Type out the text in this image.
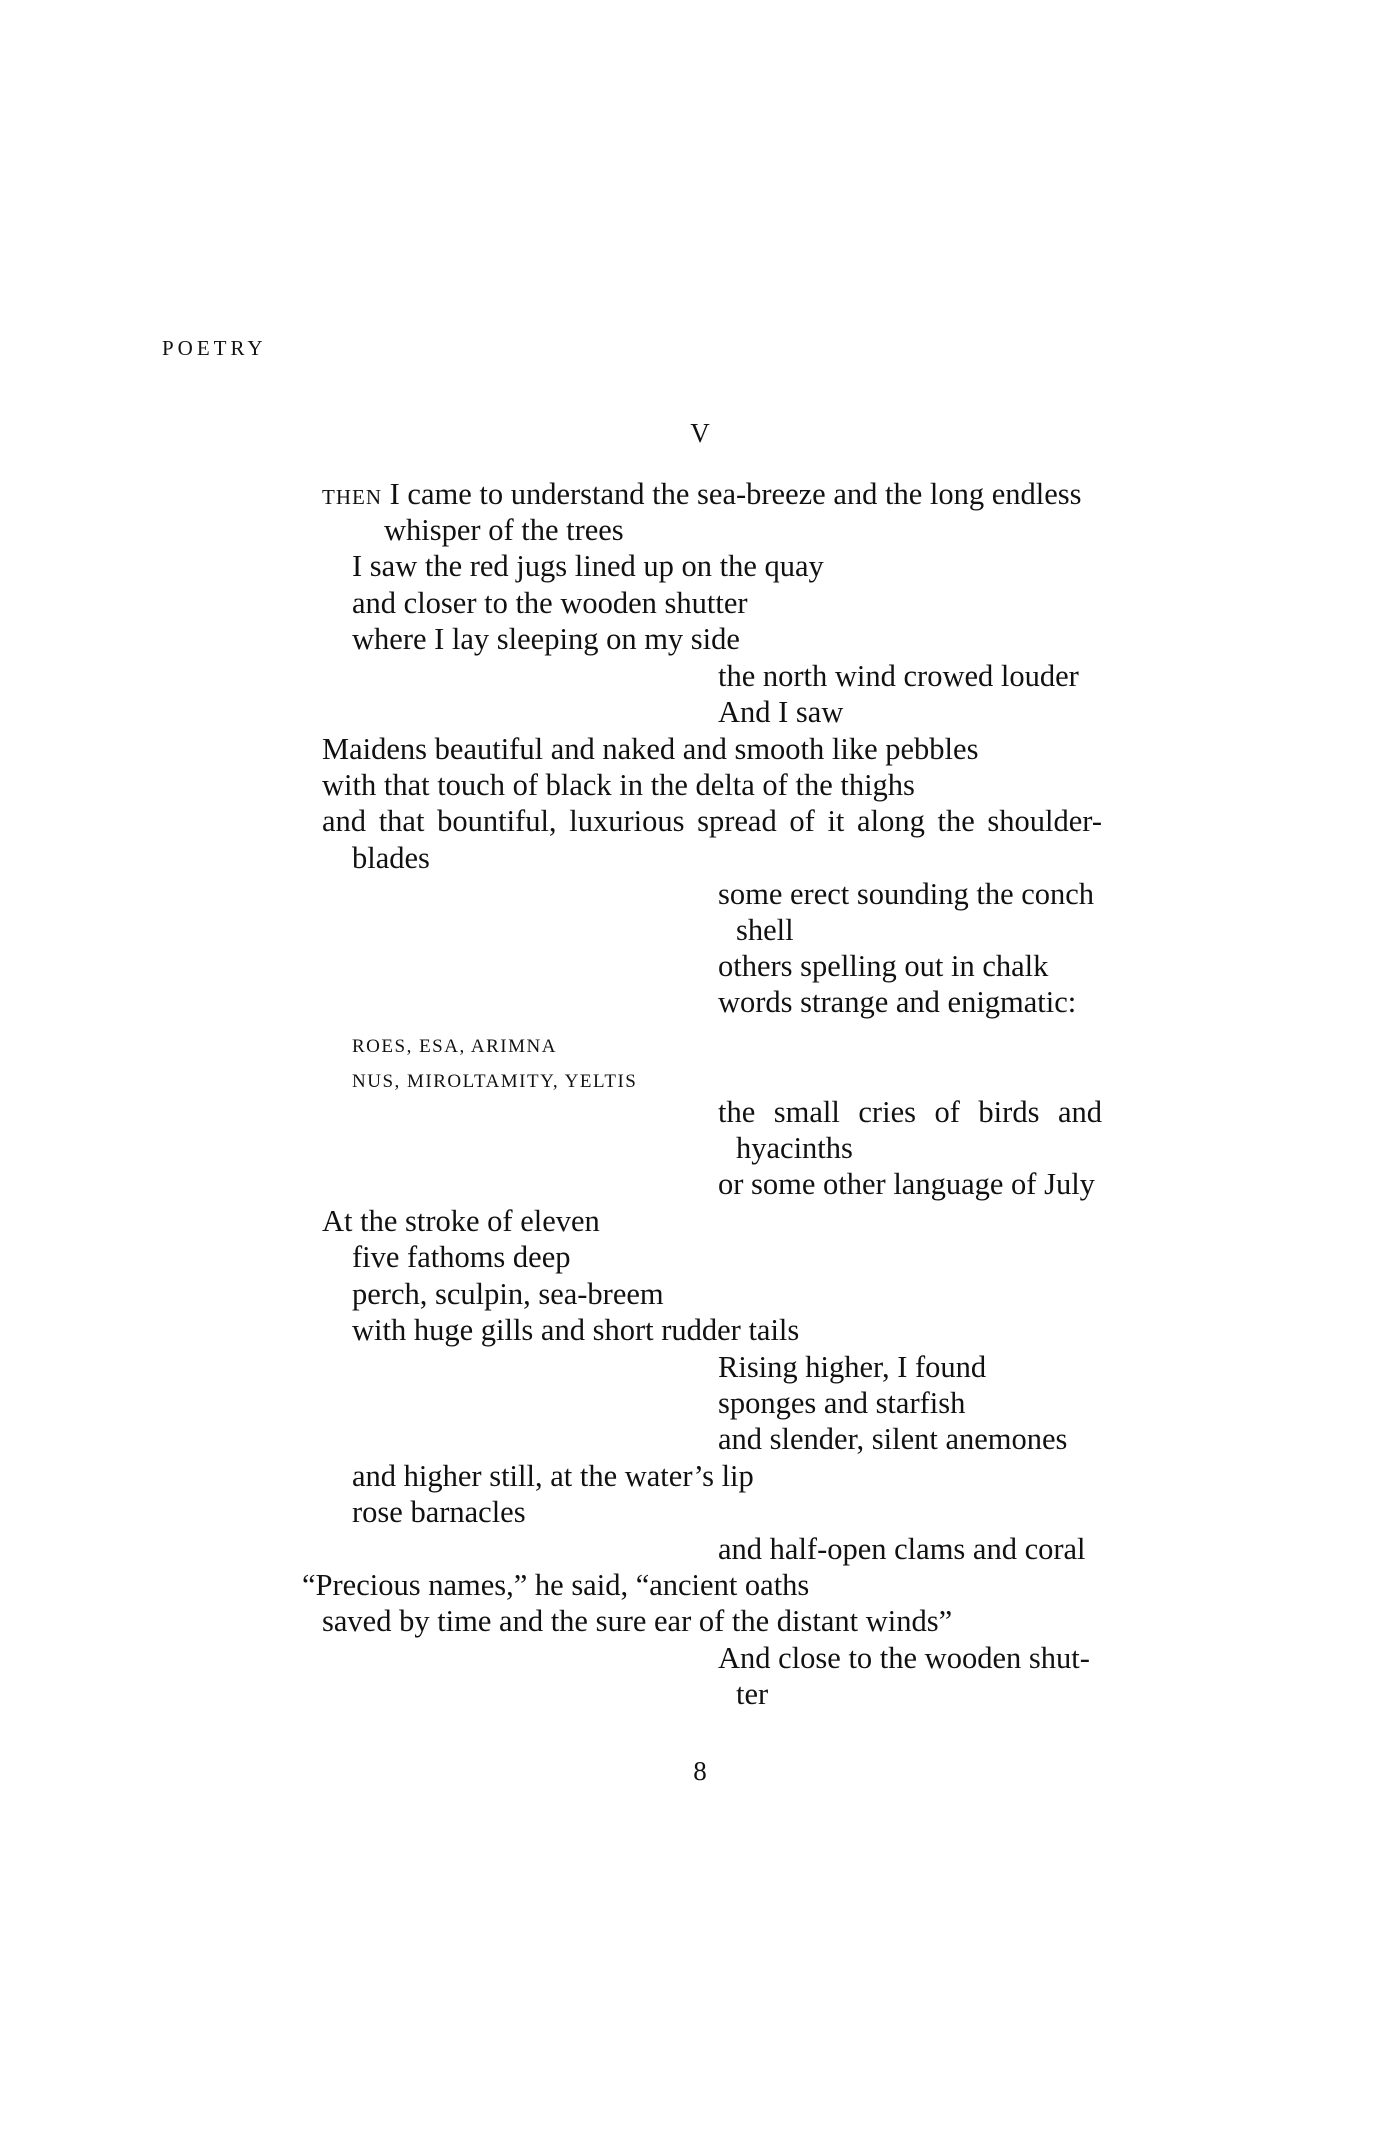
POETRY
V
then I came to understand the sea-breeze and the long endless
whisper of the trees
I saw the red jugs lined up on the quay
and closer to the wooden shutter
where I lay sleeping on my side
the north wind crowed louder
And I saw
Maidens beautiful and naked and smooth like pebbles
with that touch of black in the delta of the thighs
and that bountiful, luxurious spread of it along the shoulder-
blades
some erect sounding the conch
shell
others spelling out in chalk
words strange and enigmatic:
ROES, ESA, ARIMNA
NUS, MIROLTAMITY, YELTIS
the small cries of birds and
hyacinths
or some other language of July
At the stroke of eleven
five fathoms deep
perch, sculpin, sea-breem
with huge gills and short rudder tails
Rising higher, I found
sponges and starfish
and slender, silent anemones
and higher still, at the water’s lip
rose barnacles
and half-open clams and coral
“Precious names,” he said, “ancient oaths
saved by time and the sure ear of the distant winds”
And close to the wooden shut-
ter
8
